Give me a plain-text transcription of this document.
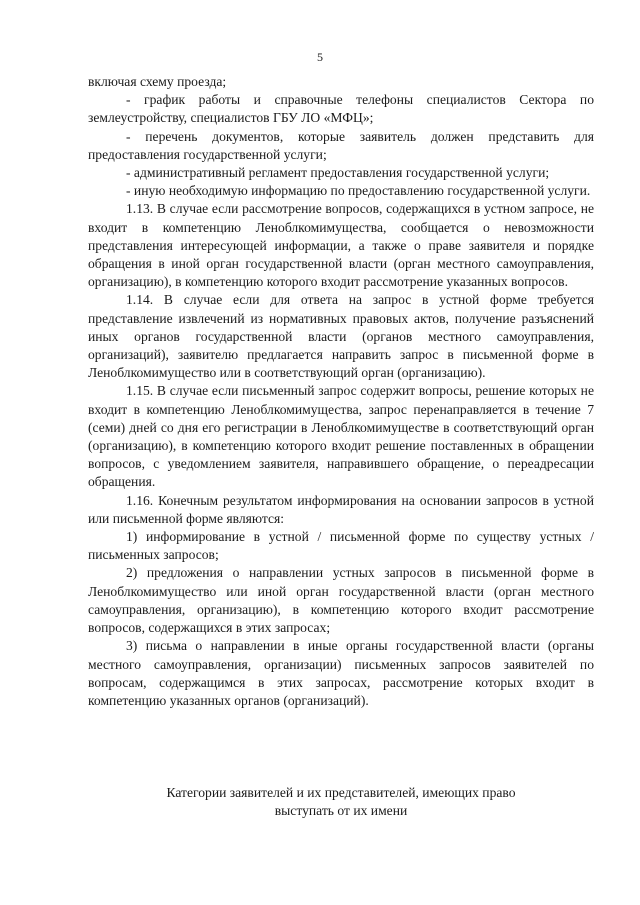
5

включая схему проезда;

- график работы и справочные телефоны специалистов Сектора по землеустройству, специалистов ГБУ ЛО «МФЦ»;

- перечень документов, которые заявитель должен представить для предоставления государственной услуги;

- административный регламент предоставления государственной услуги;

- иную необходимую информацию по предоставлению государственной услуги.

1.13. В случае если рассмотрение вопросов, содержащихся в устном запросе, не входит в компетенцию Леноблкомимущества, сообщается о невозможности представления интересующей информации, а также о праве заявителя и порядке обращения в иной орган государственной власти (орган местного самоуправления, организацию), в компетенцию которого входит рассмотрение указанных вопросов.

1.14. В случае если для ответа на запрос в устной форме требуется представление извлечений из нормативных правовых актов, получение разъяснений иных органов государственной власти (органов местного самоуправления, организаций), заявителю предлагается направить запрос в письменной форме в Леноблкомимущество или в соответствующий орган (организацию).

1.15. В случае если письменный запрос содержит вопросы, решение которых не входит в компетенцию Леноблкомимущества, запрос перенаправляется в течение 7 (семи) дней со дня его регистрации в Леноблкомимуществе в соответствующий орган (организацию), в компетенцию которого входит решение поставленных в обращении вопросов, с уведомлением заявителя, направившего обращение, о переадресации обращения.

1.16. Конечным результатом информирования на основании запросов в устной или письменной форме являются:

1) информирование в устной / письменной форме по существу устных / письменных запросов;

2) предложения о направлении устных запросов в письменной форме в Леноблкомимущество или иной орган государственной власти (орган местного самоуправления, организацию), в компетенцию которого входит рассмотрение вопросов, содержащихся в этих запросах;

3) письма о направлении в иные органы государственной власти (органы местного самоуправления, организации) письменных запросов заявителей по вопросам, содержащимся в этих запросах, рассмотрение которых входит в компетенцию указанных органов (организаций).

Категории заявителей и их представителей, имеющих право
выступать от их имени
